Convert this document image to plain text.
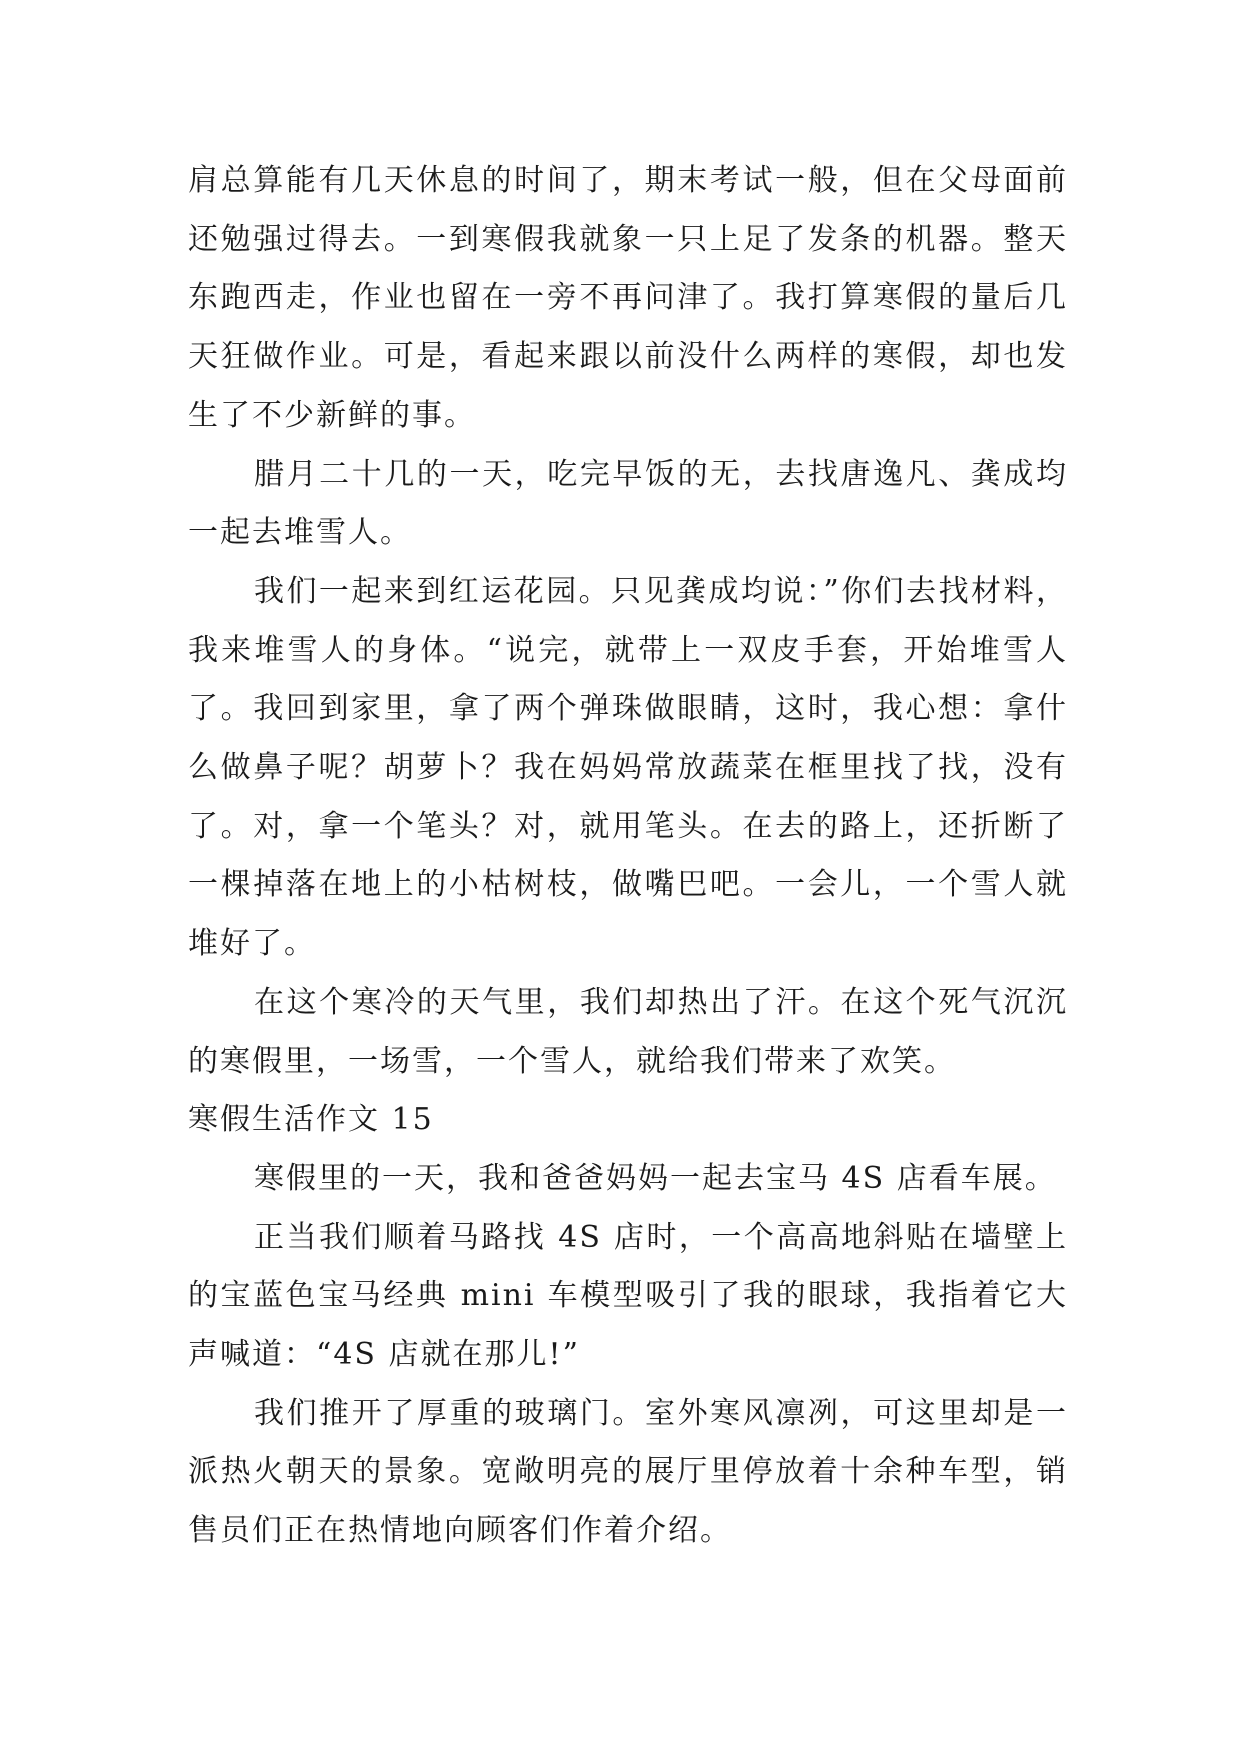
肩总算能有几天休息的时间了，期末考试一般，但在父母面前还勉强过得去。一到寒假我就象一只上足了发条的机器。整天东跑西走，作业也留在一旁不再问津了。我打算寒假的量后几天狂做作业。可是，看起来跟以前没什么两样的寒假，却也发生了不少新鲜的事。

腊月二十几的一天，吃完早饭的无，去找唐逸凡、龚成均一起去堆雪人。

我们一起来到红运花园。只见龚成均说：”你们去找材料，我来堆雪人的身体。“说完，就带上一双皮手套，开始堆雪人了。我回到家里，拿了两个弹珠做眼睛，这时，我心想：拿什么做鼻子呢？胡萝卜？我在妈妈常放蔬菜在框里找了找，没有了。对，拿一个笔头？对，就用笔头。在去的路上，还折断了一棵掉落在地上的小枯树枝，做嘴巴吧。一会儿，一个雪人就堆好了。

在这个寒冷的天气里，我们却热出了汗。在这个死气沉沉的寒假里，一场雪，一个雪人，就给我们带来了欢笑。

寒假生活作文 15

寒假里的一天，我和爸爸妈妈一起去宝马 4S 店看车展。

正当我们顺着马路找 4S 店时，一个高高地斜贴在墙壁上的宝蓝色宝马经典 mini 车模型吸引了我的眼球，我指着它大声喊道：“4S 店就在那儿!”

我们推开了厚重的玻璃门。室外寒风凛冽，可这里却是一派热火朝天的景象。宽敞明亮的展厅里停放着十余种车型，销售员们正在热情地向顾客们作着介绍。
